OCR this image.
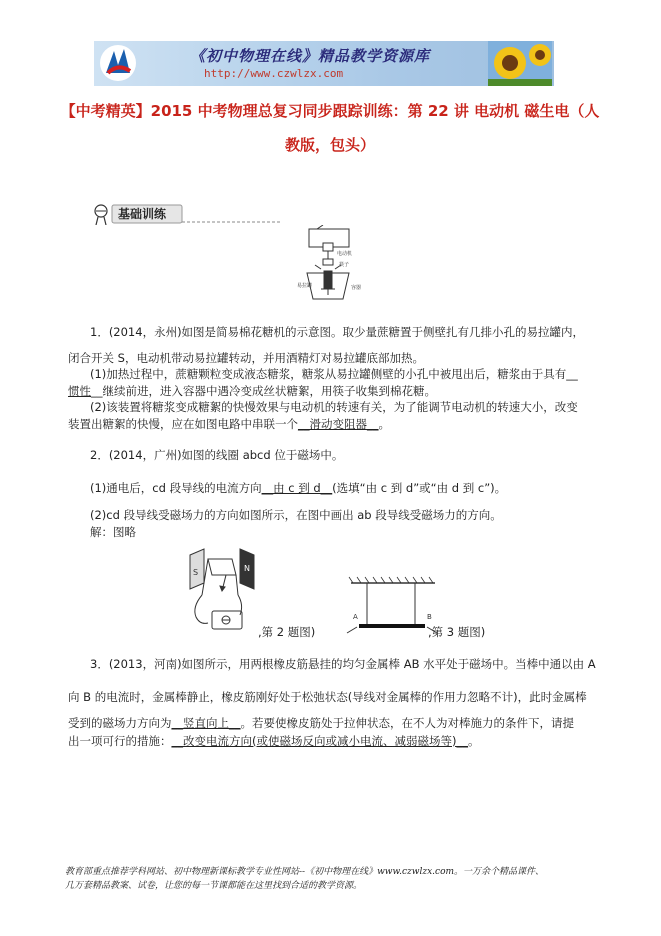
《初中物理在线》精品教学资源库
http://www.czwlzx.com
【中考精英】2015 中考物理总复习同步跟踪训练：第 22 讲 电动机 磁生电（人
教版，包头）
基础训练
电动机
筷子
易拉罐	容器
1．(2014，永州)如图是简易棉花糖机的示意图。取少量蔗糖置于侧壁扎有几排小孔的易拉罐内，
闭合开关 S，电动机带动易拉罐转动，并用酒精灯对易拉罐底部加热。
(1)加热过程中，蔗糖颗粒变成液态糖浆，糖浆从易拉罐侧壁的小孔中被甩出后，糖浆由于具有__
惯性__继续前进，进入容器中遇冷变成丝状糖絮，用筷子收集到棉花糖。
(2)该装置将糖浆变成糖絮的快慢效果与电动机的转速有关，为了能调节电动机的转速大小，改变
装置出糖絮的快慢，应在如图电路中串联一个__滑动变阻器__。
2．(2014，广州)如图的线圈 abcd 位于磁场中。
(1)通电后，cd 段导线的电流方向__由 c 到 d__(选填“由 c 到 d”或“由 d 到 c”)。
(2)cd 段导线受磁场力的方向如图所示，在图中画出 ab 段导线受磁场力的方向。
解：图略
S	N
,第 2 题图)
A	B
,第 3 题图)
3．(2013，河南)如图所示，用两根橡皮筋悬挂的均匀金属棒 AB 水平处于磁场中。当棒中通以由 A
向 B 的电流时，金属棒静止，橡皮筋刚好处于松弛状态(导线对金属棒的作用力忽略不计)，此时金属棒
受到的磁场力方向为__竖直向上__。若要使橡皮筋处于拉伸状态，在不人为对棒施力的条件下，请提
出一项可行的措施：__改变电流方向(或使磁场反向或减小电流、减弱磁场等)__。
教育部重点推荐学科网站、初中物理新课标教学专业性网站--《初中物理在线》www.czwlzx.com。一万余个精品课件、
几万套精品教案、试卷，让您的每一节课都能在这里找到合适的教学资源。
